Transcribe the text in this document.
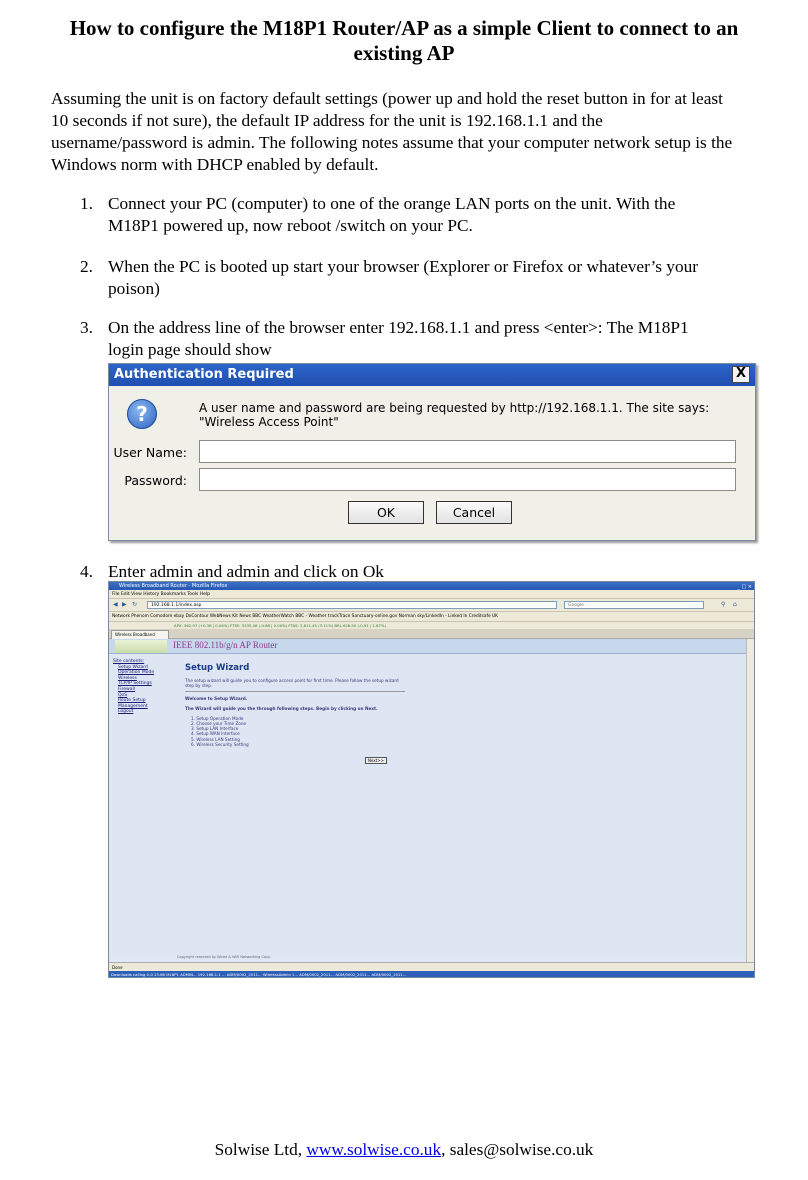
How to configure the M18P1 Router/AP as a simple Client to connect to an existing AP
Assuming the unit is on factory default settings (power up and hold the reset button in for at least 10 seconds if not sure), the default IP address for the unit is 192.168.1.1 and the username/password is admin. The following notes assume that your computer network setup is the Windows norm with DHCP enabled by default.
1. Connect your PC (computer) to one of the orange LAN ports on the unit. With the M18P1 powered up, now reboot /switch on your PC.
2. When the PC is booted up start your browser (Explorer or Firefox or whatever’s your poison)
3. On the address line of the browser enter 192.168.1.1 and press <enter>: The M18P1 login page should show
Authentication Required	X
?	A user name and password are being requested by http://192.168.1.1. The site says: "Wireless Access Point"
User Name:
Password:
OK	Cancel
4. Enter admin and admin and click on Ok
Wireless Broadband Router - Mozilla Firefox	_ □ ×
File Edit View History Bookmarks Tools Help
◀ ▶ ↻	192.168.1.1/index.asp	Google	⚲ ⌂
Network Phenom Comodore ebay DxContour WebNews Kit News BBC WeatherWatch BBC - Weather trackTrace Sanctuary-online.gov Norman sky/LinkedIn - Linked In Creditsafe UK
APX: 562.97 (+0.36 | 0.06%) FTSE: 5335.08 (-0.88 | 0.00%) FTAS: 2,811.45 (3.11%) BRL 628.50 (-0.91 | 1.87%)
Wireless Broadband
IEEE 802.11b/g/n AP Router
Site contents:
Setup Wizard
Operation Mode
Wireless
TCP/IP Settings
Firewall
QoS
Route Setup
Management
Logout
Setup Wizard
The setup wizard will guide you to configure access point for first time. Please follow the setup wizard step by step.
Welcome to Setup Wizard.
The Wizard will guide you the through following steps. Begin by clicking on Next.
1. Setup Operation Mode
2. Choose your Time Zone
3. Setup LAN Interface
4. Setup WAN Interface
5. Wireless LAN Setting
6. Wireless Security Setting
Next>>
Copyright reserved by Wired & WiFi Networking Corp.
Done
Downloads calling 0-0 23.66 M18P1 ADMIN... 192.168.1.1 ... ADM/0002_2011... WirelessAdmin 1... ADM/0002_2011... ADM/0002_2011... ADM/0002_2011...
Solwise Ltd, www.solwise.co.uk, sales@solwise.co.uk
